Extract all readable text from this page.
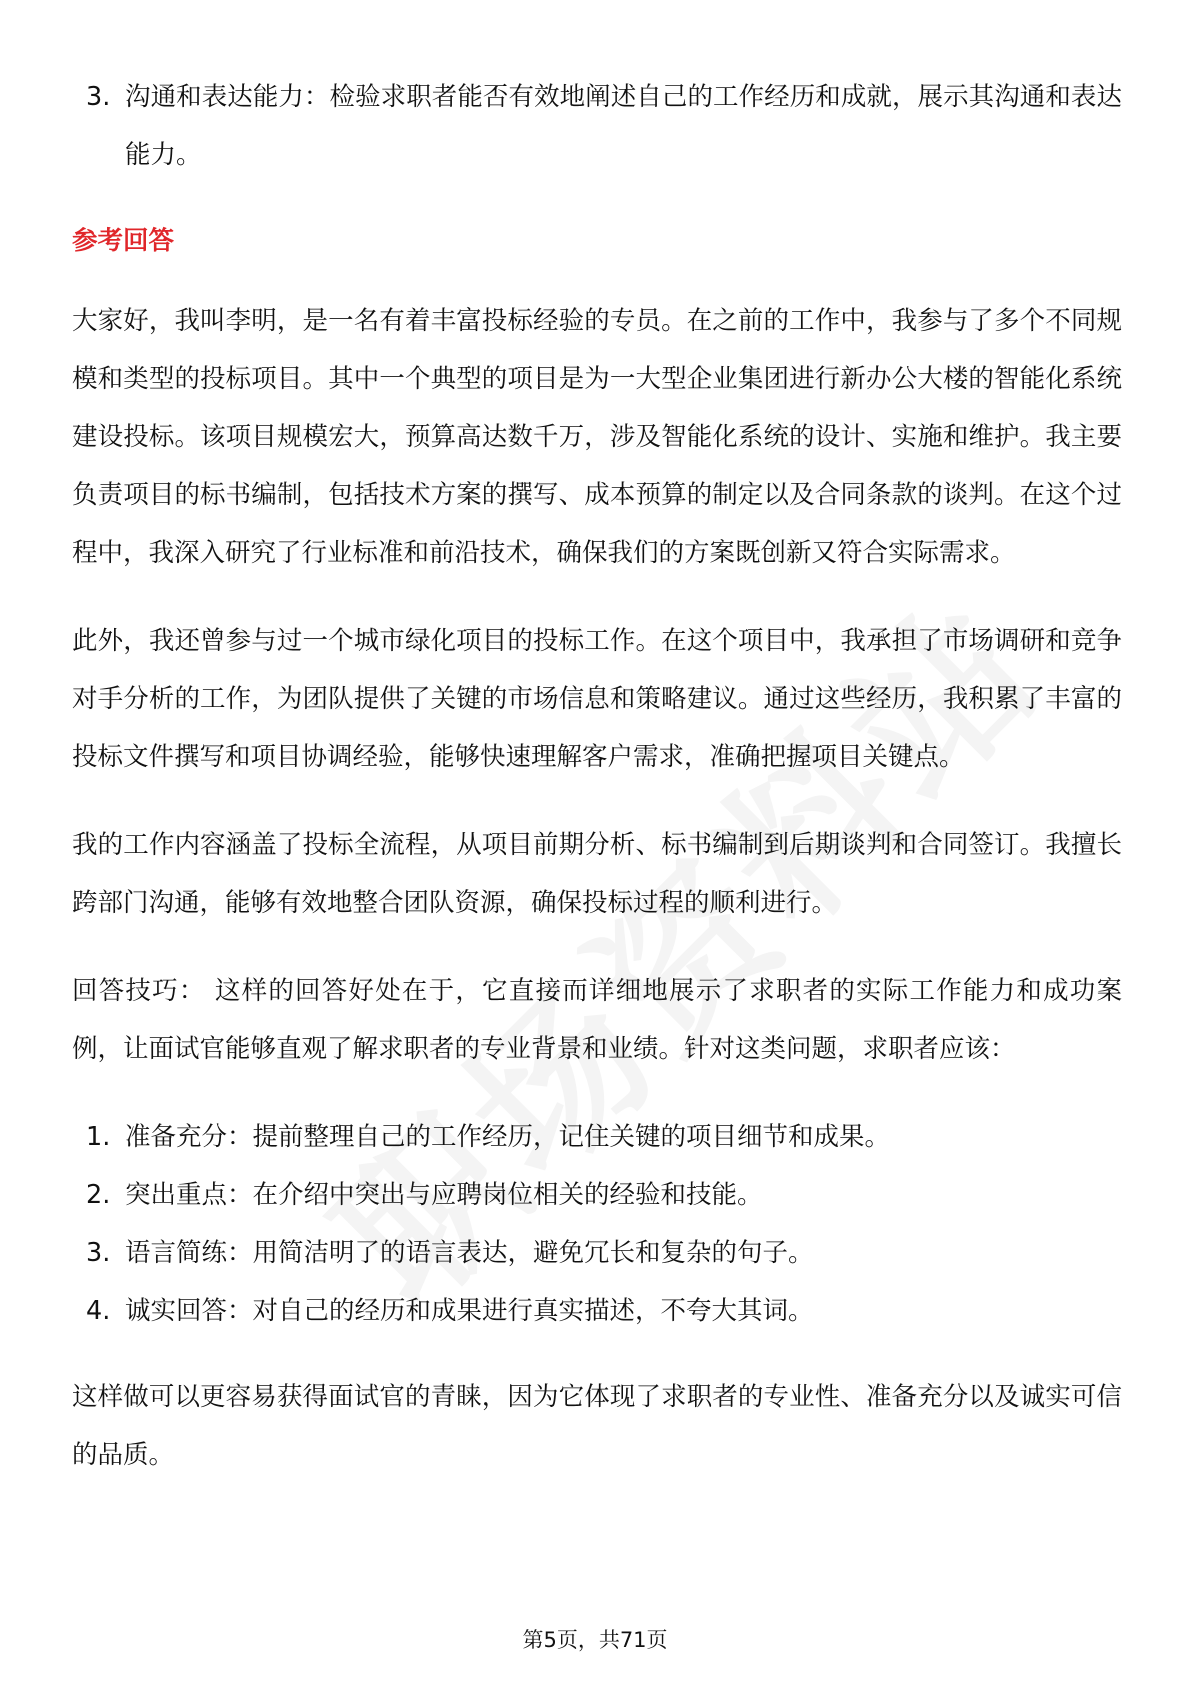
3. 沟通和表达能力：检验求职者能否有效地阐述自己的工作经历和成就，展示其沟通和表达能力。
参考回答

大家好，我叫李明，是一名有着丰富投标经验的专员。在之前的工作中，我参与了多个不同规模和类型的投标项目。其中一个典型的项目是为一大型企业集团进行新办公大楼的智能化系统建设投标。该项目规模宏大，预算高达数千万，涉及智能化系统的设计、实施和维护。我主要负责项目的标书编制，包括技术方案的撰写、成本预算的制定以及合同条款的谈判。在这个过程中，我深入研究了行业标准和前沿技术，确保我们的方案既创新又符合实际需求。

此外，我还曾参与过一个城市绿化项目的投标工作。在这个项目中，我承担了市场调研和竞争对手分析的工作，为团队提供了关键的市场信息和策略建议。通过这些经历，我积累了丰富的投标文件撰写和项目协调经验，能够快速理解客户需求，准确把握项目关键点。

我的工作内容涵盖了投标全流程，从项目前期分析、标书编制到后期谈判和合同签订。我擅长跨部门沟通，能够有效地整合团队资源，确保投标过程的顺利进行。

回答技巧： 这样的回答好处在于，它直接而详细地展示了求职者的实际工作能力和成功案例，让面试官能够直观了解求职者的专业背景和业绩。针对这类问题，求职者应该：

1. 准备充分：提前整理自己的工作经历，记住关键的项目细节和成果。
2. 突出重点：在介绍中突出与应聘岗位相关的经验和技能。
3. 语言简练：用简洁明了的语言表达，避免冗长和复杂的句子。
4. 诚实回答：对自己的经历和成果进行真实描述，不夸大其词。

这样做可以更容易获得面试官的青睐，因为它体现了求职者的专业性、准备充分以及诚实可信的品质。

第5页，共71页
